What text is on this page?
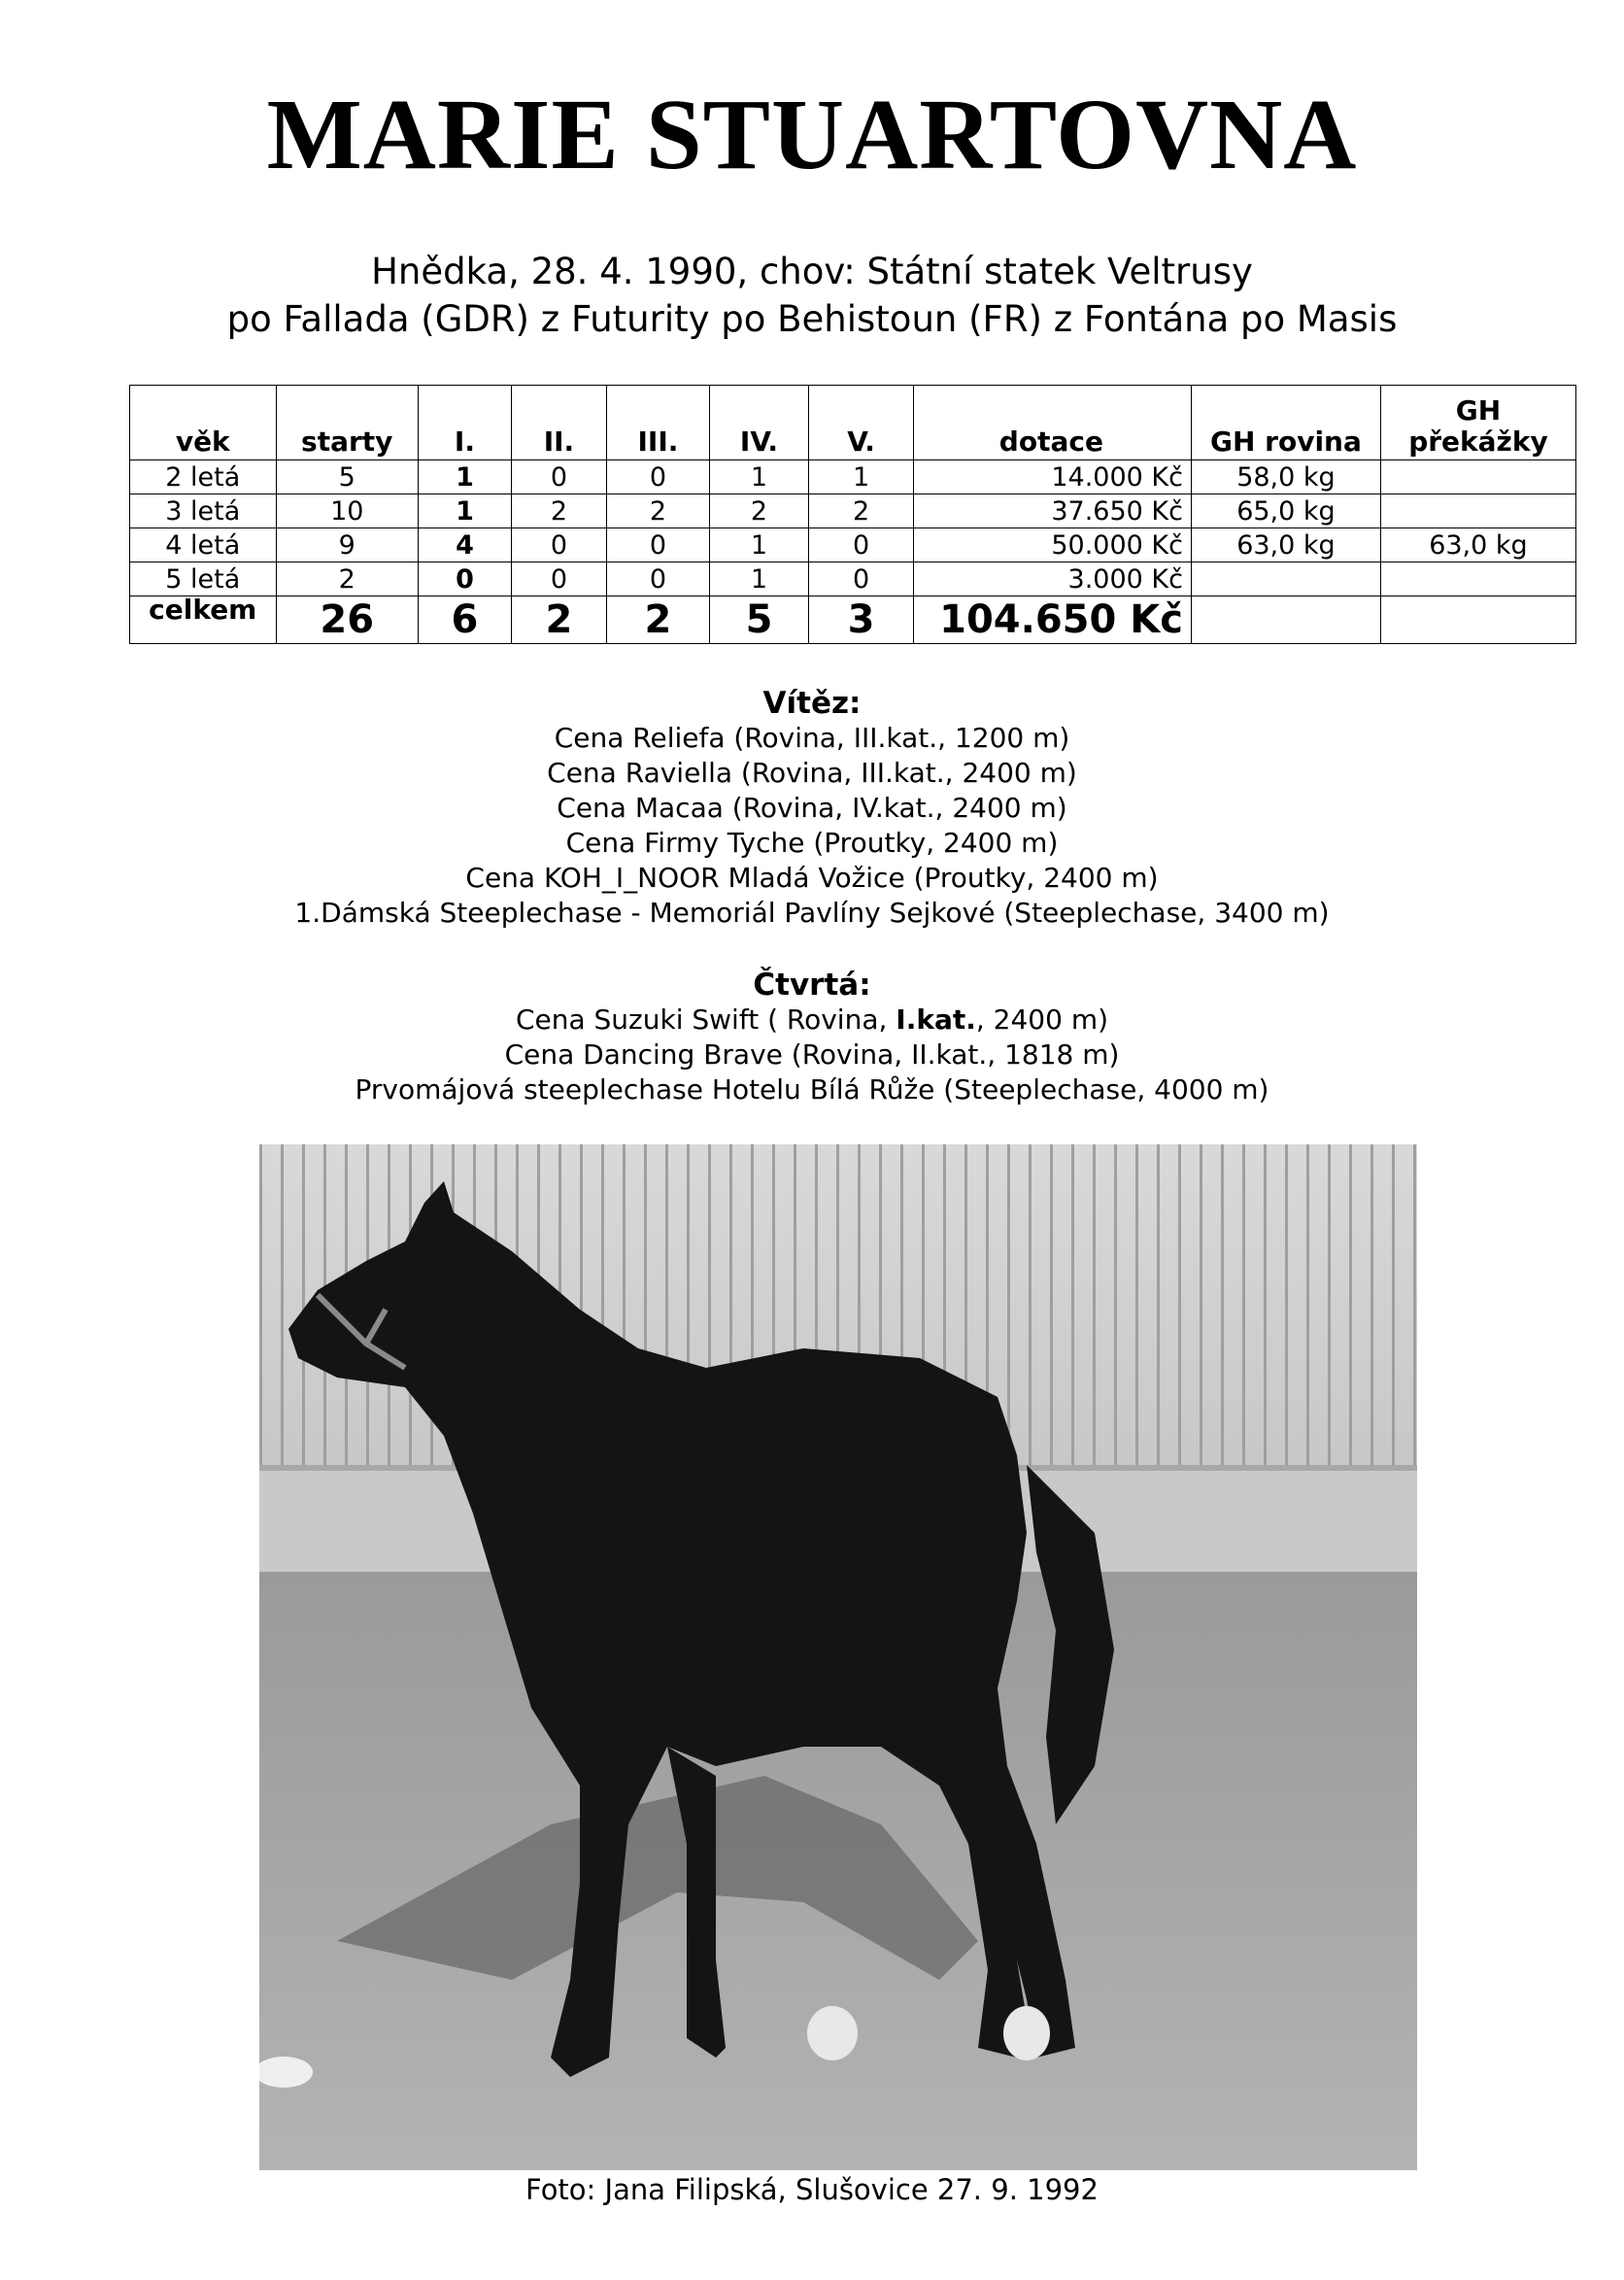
MARIE STUARTOVNA
Hnědka, 28. 4. 1990, chov: Státní statek Veltrusy
po Fallada (GDR) z Futurity po Behistoun (FR) z Fontána po Masis
věk	starty	I.	II.	III.	IV.	V.	dotace	GH rovina	GH překážky
2 letá	5	1	0	0	1	1	14.000 Kč	58,0 kg	
3 letá	10	1	2	2	2	2	37.650 Kč	65,0 kg	
4 letá	9	4	0	0	1	0	50.000 Kč	63,0 kg	63,0 kg
5 letá	2	0	0	0	1	0	3.000 Kč		
celkem	26	6	2	2	5	3	104.650 Kč		
Vítěz:
Cena Reliefa (Rovina, III.kat., 1200 m)
Cena Raviella (Rovina, III.kat., 2400 m)
Cena Macaa (Rovina, IV.kat., 2400 m)
Cena Firmy Tyche (Proutky, 2400 m)
Cena KOH_I_NOOR Mladá Vožice (Proutky, 2400 m)
1.Dámská Steeplechase - Memoriál Pavlíny Sejkové (Steeplechase, 3400 m)
Čtvrtá:
Cena Suzuki Swift ( Rovina, I.kat., 2400 m)
Cena Dancing Brave (Rovina, II.kat., 1818 m)
Prvomájová steeplechase Hotelu Bílá Růže (Steeplechase, 4000 m)
Foto: Jana Filipská, Slušovice 27. 9. 1992
